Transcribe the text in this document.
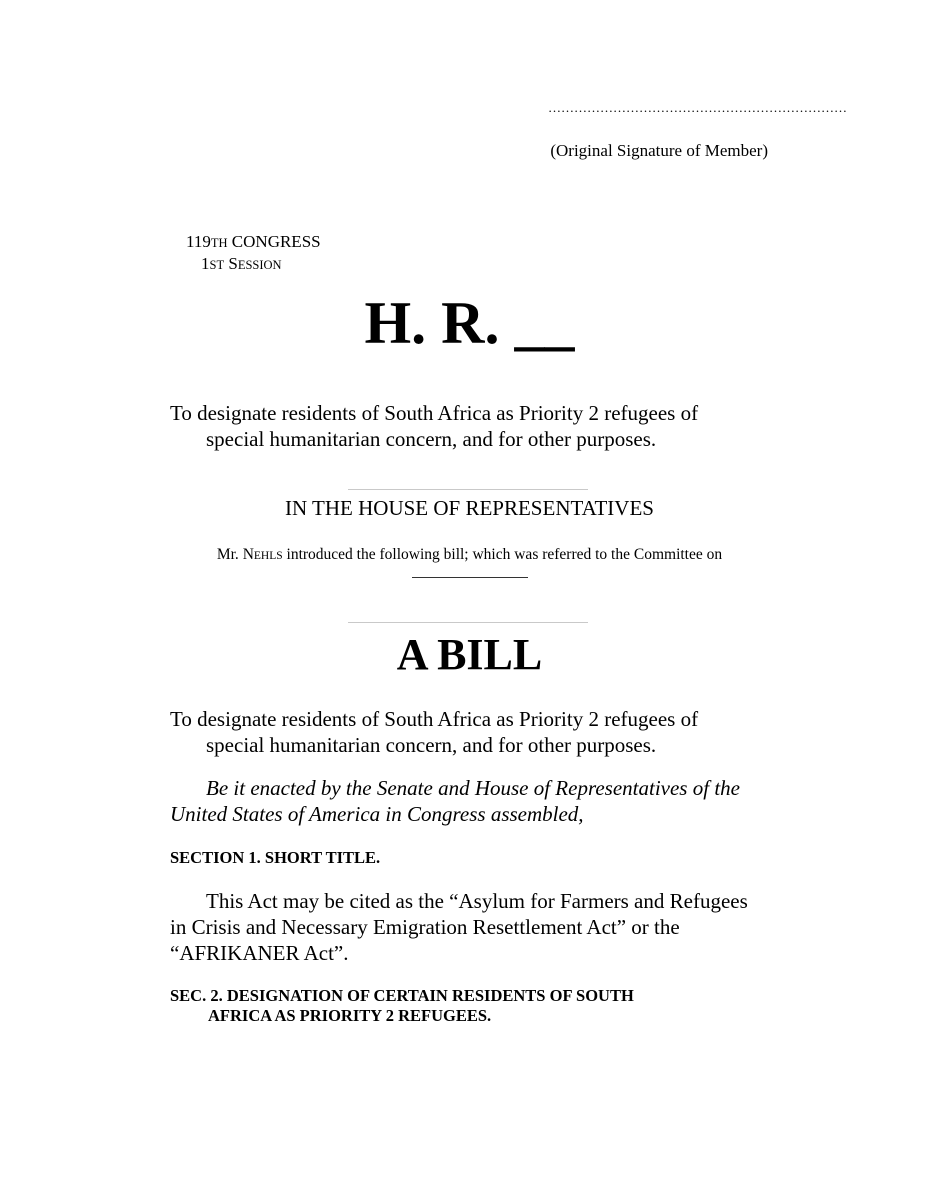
……………………………………………………………
(Original Signature of Member)
119TH CONGRESS
1ST SESSION
H. R. __
To designate residents of South Africa as Priority 2 refugees of
special humanitarian concern, and for other purposes.
IN THE HOUSE OF REPRESENTATIVES
Mr. NEHLS introduced the following bill; which was referred to the Committee on
A BILL
To designate residents of South Africa as Priority 2 refugees of
special humanitarian concern, and for other purposes.
Be it enacted by the Senate and House of Representatives of the
United States of America in Congress assembled,
SECTION 1. SHORT TITLE.
This Act may be cited as the “Asylum for Farmers and Refugees
in Crisis and Necessary Emigration Resettlement Act” or the
“AFRIKANER Act”.
SEC. 2. DESIGNATION OF CERTAIN RESIDENTS OF SOUTH
AFRICA AS PRIORITY 2 REFUGEES.
